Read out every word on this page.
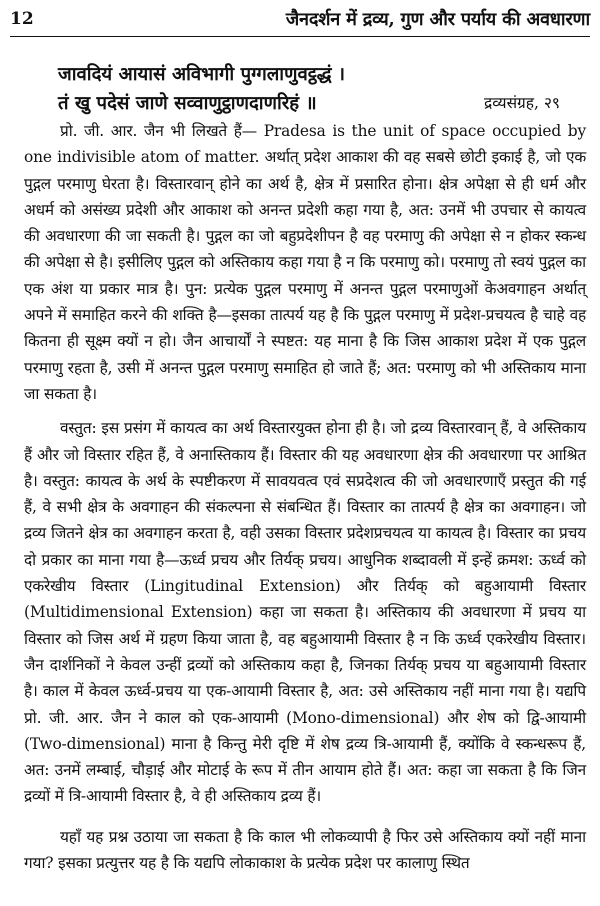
12	जैनदर्शन में द्रव्य, गुण और पर्याय की अवधारणा
जावदियं आयासं अविभागी पुग्गलाणुवट्ठद्धं ।
तं खु पदेसं जाणे सव्वाणुट्ठाणदाणरिहं ॥	द्रव्यसंग्रह, २९

प्रो. जी. आर. जैन भी लिखते हैं— Pradesa is the unit of space occupied by one indivisible atom of matter. अर्थात् प्रदेश आकाश की वह सबसे छोटी इकाई है, जो एक पुद्गल परमाणु घेरता है। विस्तारवान् होने का अर्थ है, क्षेत्र में प्रसारित होना। क्षेत्र अपेक्षा से ही धर्म और अधर्म को असंख्य प्रदेशी और आकाश को अनन्त प्रदेशी कहा गया है, अत: उनमें भी उपचार से कायत्व की अवधारणा की जा सकती है। पुद्गल का जो बहुप्रदेशीपन है वह परमाणु की अपेक्षा से न होकर स्कन्ध की अपेक्षा से है। इसीलिए पुद्गल को अस्तिकाय कहा गया है न कि परमाणु को। परमाणु तो स्वयं पुद्गल का एक अंश या प्रकार मात्र है। पुन: प्रत्येक पुद्गल परमाणु में अनन्त पुद्गल परमाणुओं केअवगाहन अर्थात् अपने में समाहित करने की शक्ति है—इसका तात्पर्य यह है कि पुद्गल परमाणु में प्रदेश-प्रचयत्व है चाहे वह कितना ही सूक्ष्म क्यों न हो। जैन आचार्यों ने स्पष्टत: यह माना है कि जिस आकाश प्रदेश में एक पुद्गल परमाणु रहता है, उसी में अनन्त पुद्गल परमाणु समाहित हो जाते हैं; अत: परमाणु को भी अस्तिकाय माना जा सकता है।

वस्तुत: इस प्रसंग में कायत्व का अर्थ विस्तारयुक्त होना ही है। जो द्रव्य विस्तारवान् हैं, वे अस्तिकाय हैं और जो विस्तार रहित हैं, वे अनास्तिकाय हैं। विस्तार की यह अवधारणा क्षेत्र की अवधारणा पर आश्रित है। वस्तुत: कायत्व के अर्थ के स्पष्टीकरण में सावयवत्व एवं सप्रदेशत्व की जो अवधारणाएँ प्रस्तुत की गई हैं, वे सभी क्षेत्र के अवगाहन की संकल्पना से संबन्धित हैं। विस्तार का तात्पर्य है क्षेत्र का अवगाहन। जो द्रव्य जितने क्षेत्र का अवगाहन करता है, वही उसका विस्तार प्रदेशप्रचयत्व या कायत्व है। विस्तार का प्रचय दो प्रकार का माना गया है—ऊर्ध्व प्रचय और तिर्यक् प्रचय। आधुनिक शब्दावली में इन्हें क्रमश: ऊर्ध्व को एकरेखीय विस्तार (Lingitudinal Extension) और तिर्यक् को बहुआयामी विस्तार (Multidimensional Extension) कहा जा सकता है। अस्तिकाय की अवधारणा में प्रचय या विस्तार को जिस अर्थ में ग्रहण किया जाता है, वह बहुआयामी विस्तार है न कि ऊर्ध्व एकरेखीय विस्तार। जैन दार्शनिकों ने केवल उन्हीं द्रव्यों को अस्तिकाय कहा है, जिनका तिर्यक् प्रचय या बहुआयामी विस्तार है। काल में केवल ऊर्ध्व-प्रचय या एक-आयामी विस्तार है, अत: उसे अस्तिकाय नहीं माना गया है। यद्यपि प्रो. जी. आर. जैन ने काल को एक-आयामी (Mono-dimensional) और शेष को द्वि-आयामी (Two-dimensional) माना है किन्तु मेरी दृष्टि में शेष द्रव्य त्रि-आयामी हैं, क्योंकि वे स्कन्धरूप हैं, अत: उनमें लम्बाई, चौड़ाई और मोटाई के रूप में तीन आयाम होते हैं। अत: कहा जा सकता है कि जिन द्रव्यों में त्रि-आयामी विस्तार है, वे ही अस्तिकाय द्रव्य हैं।

यहाँ यह प्रश्न उठाया जा सकता है कि काल भी लोकव्यापी है फिर उसे अस्तिकाय क्यों नहीं माना गया? इसका प्रत्युत्तर यह है कि यद्यपि लोकाकाश के प्रत्येक प्रदेश पर कालाणु स्थित
